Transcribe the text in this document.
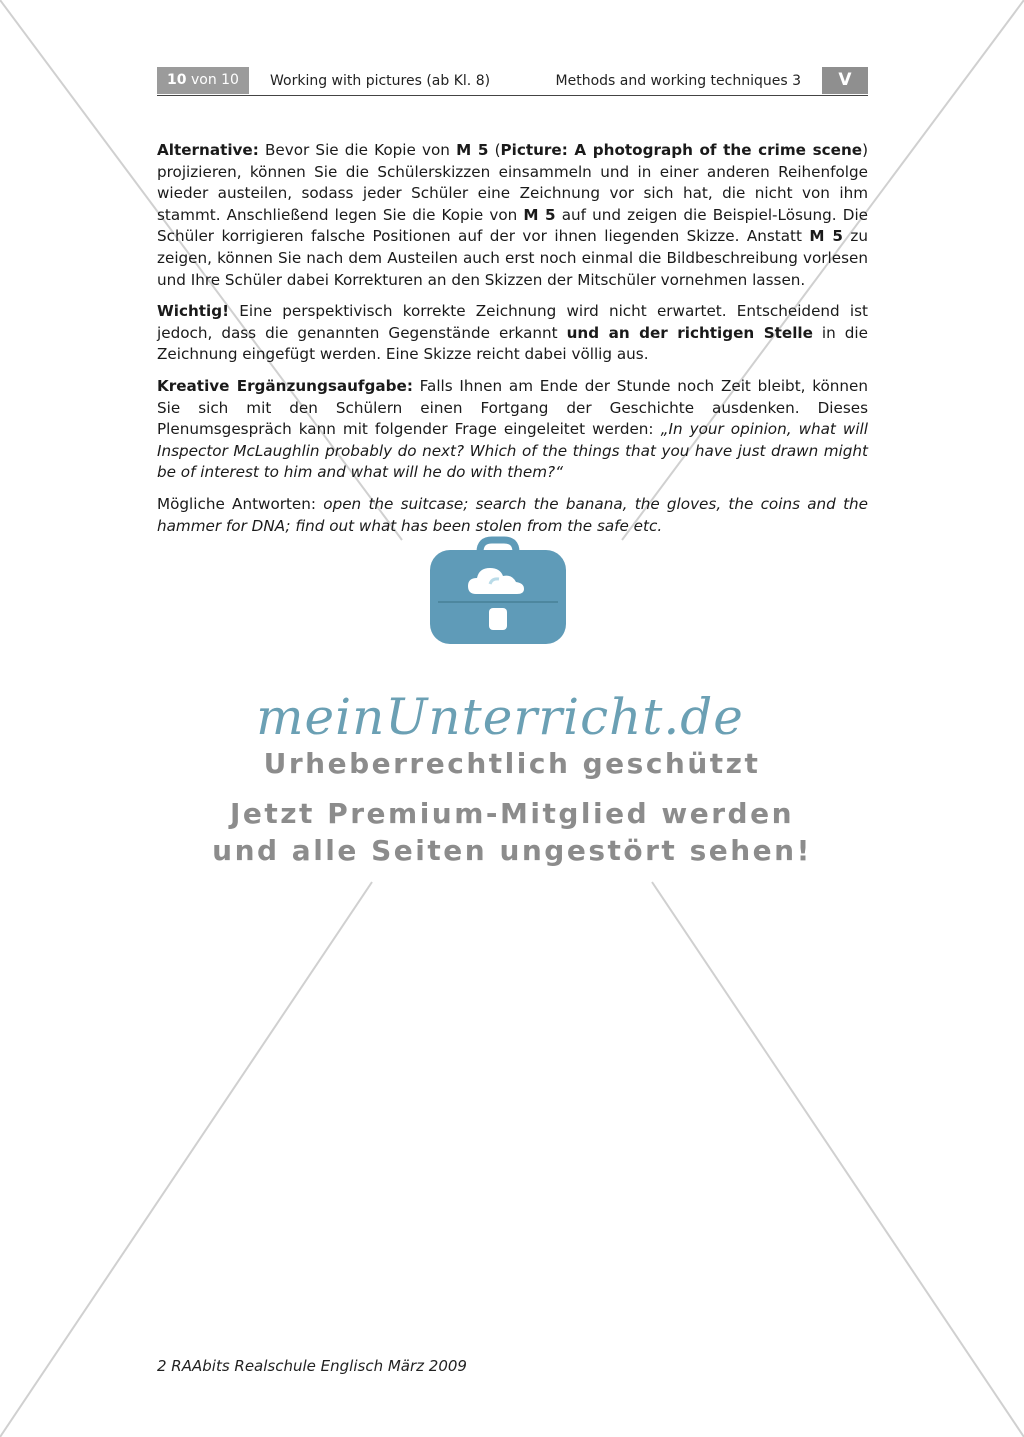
10 von 10	Working with pictures (ab Kl. 8)	Methods and working techniques 3	V

Alternative: Bevor Sie die Kopie von M 5 (Picture: A photograph of the crime scene) projizieren, können Sie die Schülerskizzen einsammeln und in einer anderen Reihenfolge wieder austeilen, sodass jeder Schüler eine Zeichnung vor sich hat, die nicht von ihm stammt. Anschließend legen Sie die Kopie von M 5 auf und zeigen die Beispiel-Lösung. Die Schüler korrigieren falsche Positionen auf der vor ihnen liegenden Skizze. Anstatt M 5 zu zeigen, können Sie nach dem Austeilen auch erst noch einmal die Bildbeschreibung vorlesen und Ihre Schüler dabei Korrekturen an den Skizzen der Mitschüler vornehmen lassen.

Wichtig! Eine perspektivisch korrekte Zeichnung wird nicht erwartet. Entscheidend ist jedoch, dass die genannten Gegenstände erkannt und an der richtigen Stelle in die Zeichnung eingefügt werden. Eine Skizze reicht dabei völlig aus.

Kreative Ergänzungsaufgabe: Falls Ihnen am Ende der Stunde noch Zeit bleibt, können Sie sich mit den Schülern einen Fortgang der Geschichte ausdenken. Dieses Plenumsgespräch kann mit folgender Frage eingeleitet werden: „In your opinion, what will Inspector McLaughlin probably do next? Which of the things that you have just drawn might be of interest to him and what will he do with them?“

Mögliche Antworten: open the suitcase; search the banana, the gloves, the coins and the hammer for DNA; find out what has been stolen from the safe etc.

meinUnterricht.de
Urheberrechtlich geschützt
Jetzt Premium-Mitglied werden
und alle Seiten ungestört sehen!
2 RAAbits Realschule Englisch März 2009
